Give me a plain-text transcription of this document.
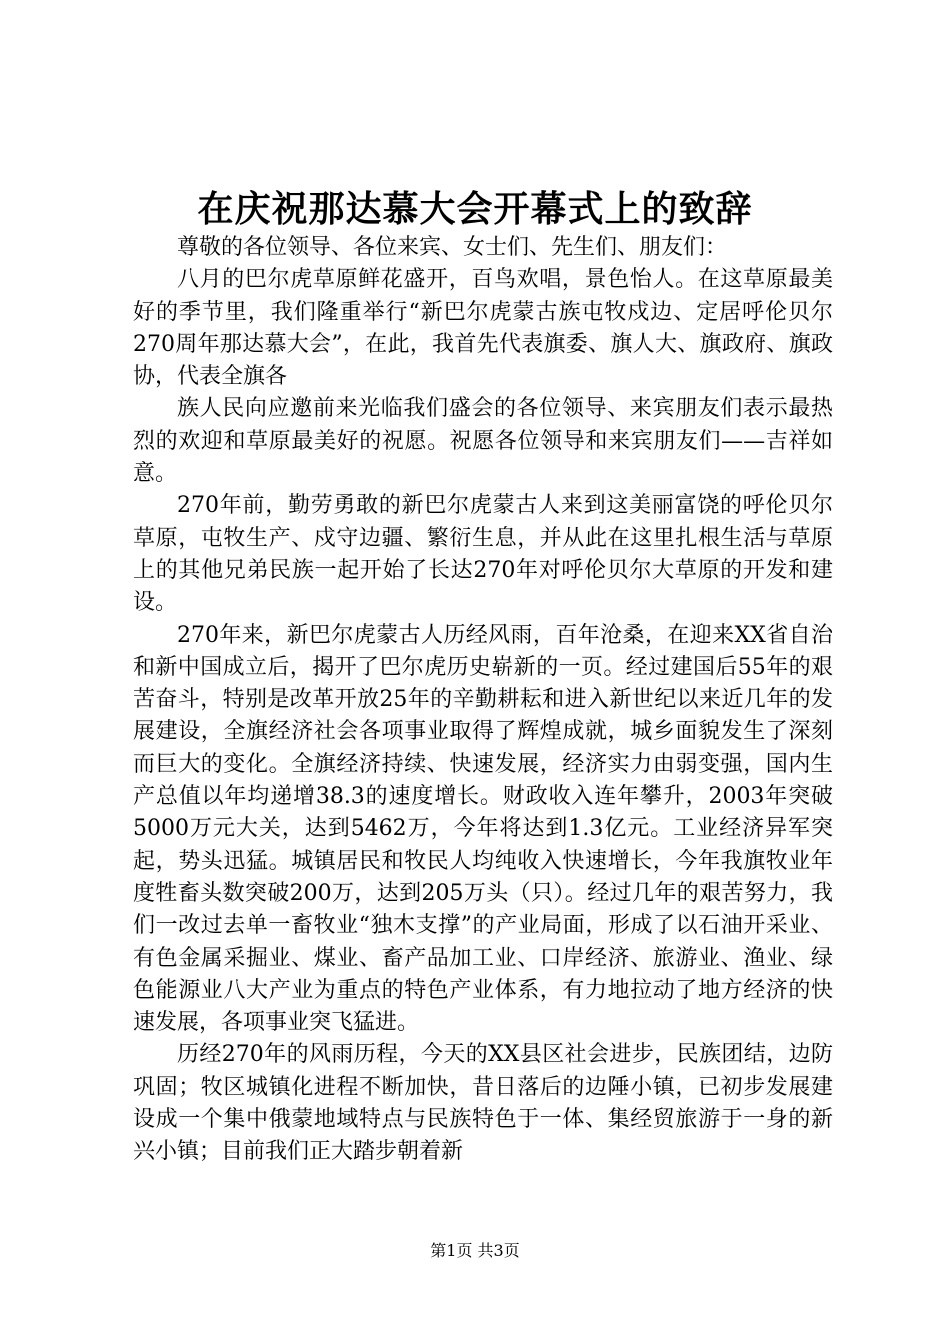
在庆祝那达慕大会开幕式上的致辞

尊敬的各位领导、各位来宾、女士们、先生们、朋友们：

八月的巴尔虎草原鲜花盛开，百鸟欢唱，景色怡人。在这草原最美好的季节里，我们隆重举行“新巴尔虎蒙古族屯牧戍边、定居呼伦贝尔270周年那达慕大会”，在此，我首先代表旗委、旗人大、旗政府、旗政协，代表全旗各

族人民向应邀前来光临我们盛会的各位领导、来宾朋友们表示最热烈的欢迎和草原最美好的祝愿。祝愿各位领导和来宾朋友们——吉祥如意。

270年前，勤劳勇敢的新巴尔虎蒙古人来到这美丽富饶的呼伦贝尔草原，屯牧生产、戍守边疆、繁衍生息，并从此在这里扎根生活与草原上的其他兄弟民族一起开始了长达270年对呼伦贝尔大草原的开发和建设。

270年来，新巴尔虎蒙古人历经风雨，百年沧桑，在迎来XX省自治和新中国成立后，揭开了巴尔虎历史崭新的一页。经过建国后55年的艰苦奋斗，特别是改革开放25年的辛勤耕耘和进入新世纪以来近几年的发展建设，全旗经济社会各项事业取得了辉煌成就，城乡面貌发生了深刻而巨大的变化。全旗经济持续、快速发展，经济实力由弱变强，国内生产总值以年均递增38.3的速度增长。财政收入连年攀升，2003年突破5000万元大关，达到5462万，今年将达到1.3亿元。工业经济异军突起，势头迅猛。城镇居民和牧民人均纯收入快速增长，今年我旗牧业年度牲畜头数突破200万，达到205万头（只）。经过几年的艰苦努力，我们一改过去单一畜牧业“独木支撑”的产业局面，形成了以石油开采业、有色金属采掘业、煤业、畜产品加工业、口岸经济、旅游业、渔业、绿色能源业八大产业为重点的特色产业体系，有力地拉动了地方经济的快速发展，各项事业突飞猛进。

历经270年的风雨历程，今天的XX县区社会进步，民族团结，边防巩固；牧区城镇化进程不断加快，昔日落后的边陲小镇，已初步发展建设成一个集中俄蒙地域特点与民族特色于一体、集经贸旅游于一身的新兴小镇；目前我们正大踏步朝着新

第1页 共3页
